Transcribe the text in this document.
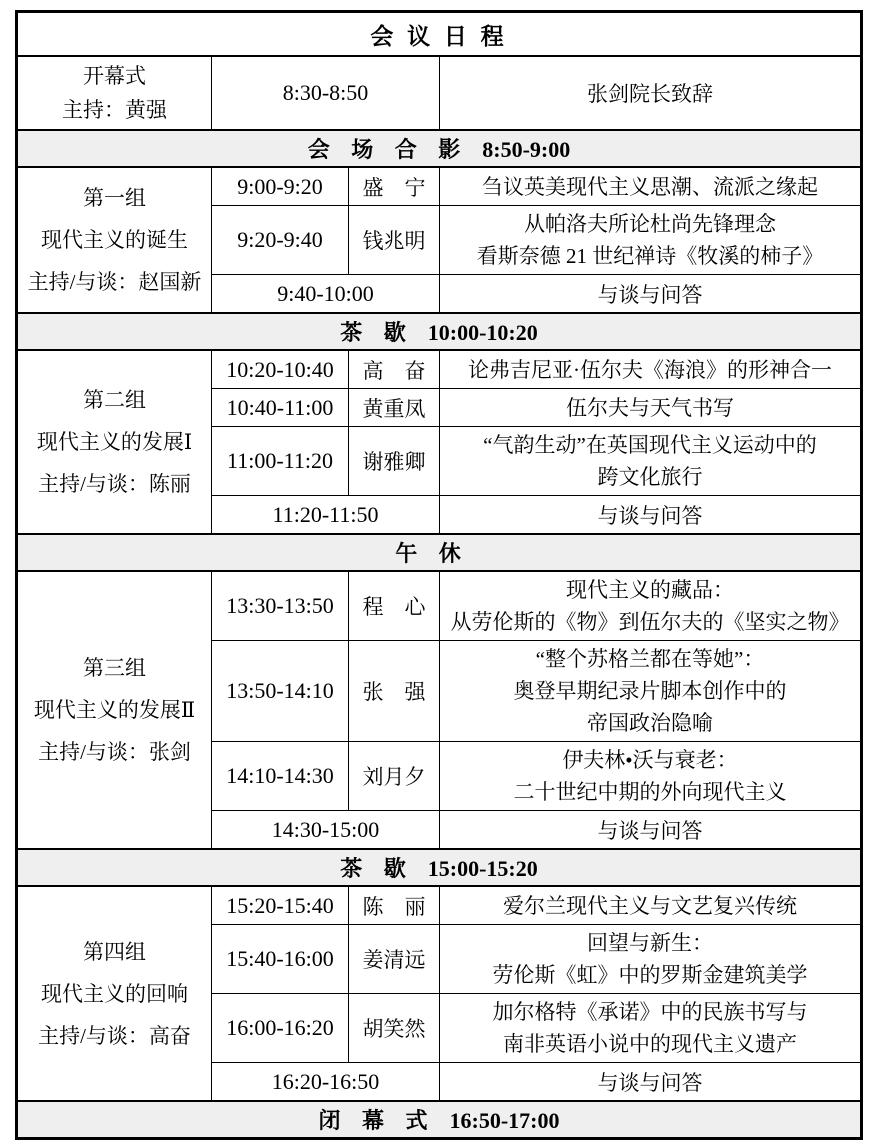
会 议 日 程			

开幕式
主持：黄强	8:30-8:50		张剑院长致辞
会 场 合 影 8:50-9:00			

第一组
现代主义的诞生
主持/与谈：赵国新	9:00-9:20	盛　宁	刍议英美现代主义思潮、流派之缘起

	9:20-9:40	钱兆明	从帕洛夫所论杜尚先锋理念
看斯奈德 21 世纪禅诗《牧溪的柿子》

	9:40-10:00		与谈与问答
茶 歇 10:00-10:20			

第二组
现代主义的发展Ⅰ
主持/与谈：陈丽	10:20-10:40	高　奋	论弗吉尼亚·伍尔夫《海浪》的形神合一

	10:40-11:00	黄重凤	伍尔夫与天气书写

	11:00-11:20	谢雅卿	“气韵生动”在英国现代主义运动中的
跨文化旅行

	11:20-11:50		与谈与问答
午 休			

第三组
现代主义的发展Ⅱ
主持/与谈：张剑
	13:30-13:50	程　心	
现代主义的藏品：
从劳伦斯的《物》到伍尔夫的《坚实之物》

	13:50-14:10	张　强	“整个苏格兰都在等她”：
奥登早期纪录片脚本创作中的
帝国政治隐喻

	14:10-14:30	刘月夕	伊夫林•沃与衰老：
二十世纪中期的外向现代主义

	14:30-15:00		与谈与问答
茶 歇 15:00-15:20			

第四组
现代主义的回响
主持/与谈：高奋	15:20-15:40	陈　丽	爱尔兰现代主义与文艺复兴传统

	15:40-16:00	姜清远	回望与新生：
劳伦斯《虹》中的罗斯金建筑美学

	16:00-16:20	胡笑然	加尔格特《承诺》中的民族书写与
南非英语小说中的现代主义遗产

	16:20-16:50		与谈与问答
闭 幕 式 16:50-17:00			
